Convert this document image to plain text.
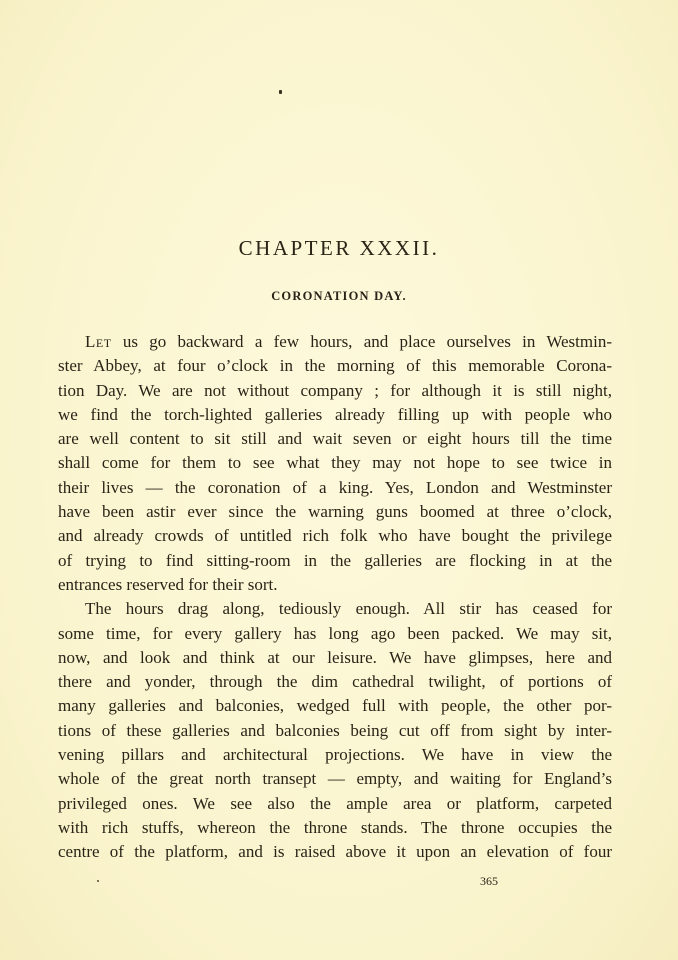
CHAPTER XXXII.
CORONATION DAY.
Let us go backward a few hours, and place ourselves in Westmin-
ster Abbey, at four o’clock in the morning of this memorable Corona-
tion Day. We are not without company ; for although it is still night,
we find the torch-lighted galleries already filling up with people who
are well content to sit still and wait seven or eight hours till the time
shall come for them to see what they may not hope to see twice in
their lives — the coronation of a king. Yes, London and Westminster
have been astir ever since the warning guns boomed at three o’clock,
and already crowds of untitled rich folk who have bought the privilege
of trying to find sitting-room in the galleries are flocking in at the
entrances reserved for their sort.
The hours drag along, tediously enough. All stir has ceased for
some time, for every gallery has long ago been packed. We may sit,
now, and look and think at our leisure. We have glimpses, here and
there and yonder, through the dim cathedral twilight, of portions of
many galleries and balconies, wedged full with people, the other por-
tions of these galleries and balconies being cut off from sight by inter-
vening pillars and architectural projections. We have in view the
whole of the great north transept — empty, and waiting for England’s
privileged ones. We see also the ample area or platform, carpeted
with rich stuffs, whereon the throne stands. The throne occupies the
centre of the platform, and is raised above it upon an elevation of four
365
